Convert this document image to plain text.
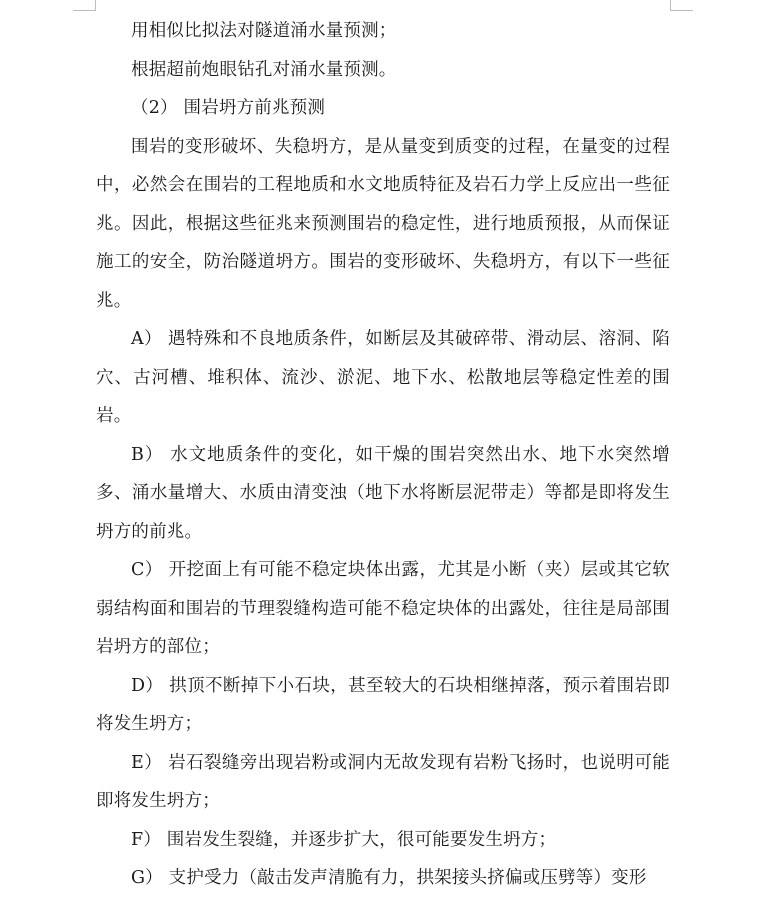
用相似比拟法对隧道涌水量预测；

根据超前炮眼钻孔对涌水量预测。

（2） 围岩坍方前兆预测

围岩的变形破坏、失稳坍方，是从量变到质变的过程，在量变的过程中，必然会在围岩的工程地质和水文地质特征及岩石力学上反应出一些征兆。因此，根据这些征兆来预测围岩的稳定性，进行地质预报，从而保证施工的安全，防治隧道坍方。围岩的变形破坏、失稳坍方，有以下一些征兆。

A） 遇特殊和不良地质条件，如断层及其破碎带、滑动层、溶洞、陷穴、古河槽、堆积体、流沙、淤泥、地下水、松散地层等稳定性差的围岩。

B） 水文地质条件的变化，如干燥的围岩突然出水、地下水突然增多、涌水量增大、水质由清变浊（地下水将断层泥带走）等都是即将发生坍方的前兆。

C） 开挖面上有可能不稳定块体出露，尤其是小断（夹）层或其它软弱结构面和围岩的节理裂缝构造可能不稳定块体的出露处，往往是局部围岩坍方的部位；

D） 拱顶不断掉下小石块，甚至较大的石块相继掉落，预示着围岩即将发生坍方；

E） 岩石裂缝旁出现岩粉或洞内无故发现有岩粉飞扬时，也说明可能即将发生坍方；

F） 围岩发生裂缝，并逐步扩大，很可能要发生坍方；

G） 支护受力（敲击发声清脆有力，拱架接头挤偏或压劈等）变形
